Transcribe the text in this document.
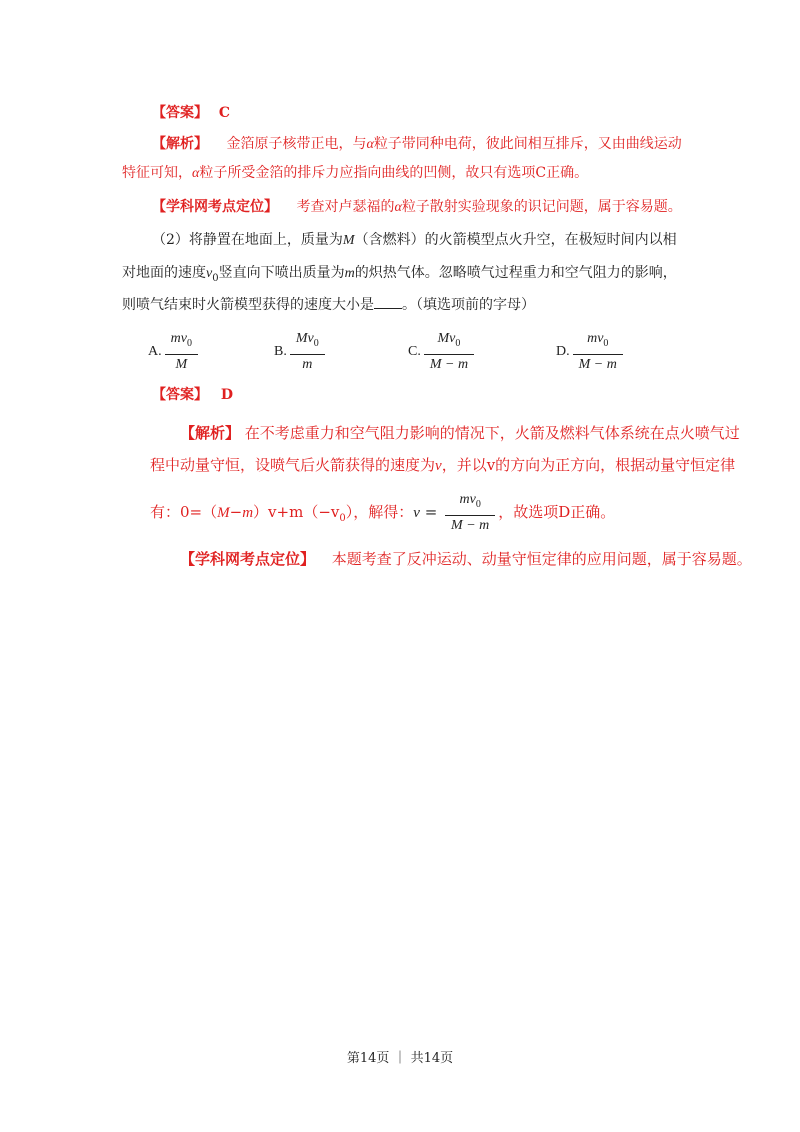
【答案】 C
【解析】 金箔原子核带正电，与α粒子带同种电荷，彼此间相互排斥，又由曲线运动
特征可知，α粒子所受金箔的排斥力应指向曲线的凹侧，故只有选项C正确。
【学科网考点定位】 考查对卢瑟福的α粒子散射实验现象的识记问题，属于容易题。
（2）将静置在地面上，质量为M（含燃料）的火箭模型点火升空，在极短时间内以相
对地面的速度$v_0$竖直向下喷出质量为m的炽热气体。忽略喷气过程重力和空气阻力的影响，
则喷气结束时火箭模型获得的速度大小是 。（填选项前的字母）
A. $\frac{mv_0}{M}$	B. $\frac{Mv_0}{m}$	C. $\frac{Mv_0}{M - m}$	D. $\frac{mv_0}{M - m}$
【答案】 D
【解析】 在不考虑重力和空气阻力影响的情况下，火箭及燃料气体系统在点火喷气过
程中动量守恒，设喷气后火箭获得的速度为v，并以v的方向为正方向，根据动量守恒定律
有：$0=(M-m)v+m(-v_0)$，解得：$v = \frac{mv_0}{M - m}$ ，故选项D正确。
【学科网考点定位】 本题考查了反冲运动、动量守恒定律的应用问题，属于容易题。
第14页 ｜ 共14页
